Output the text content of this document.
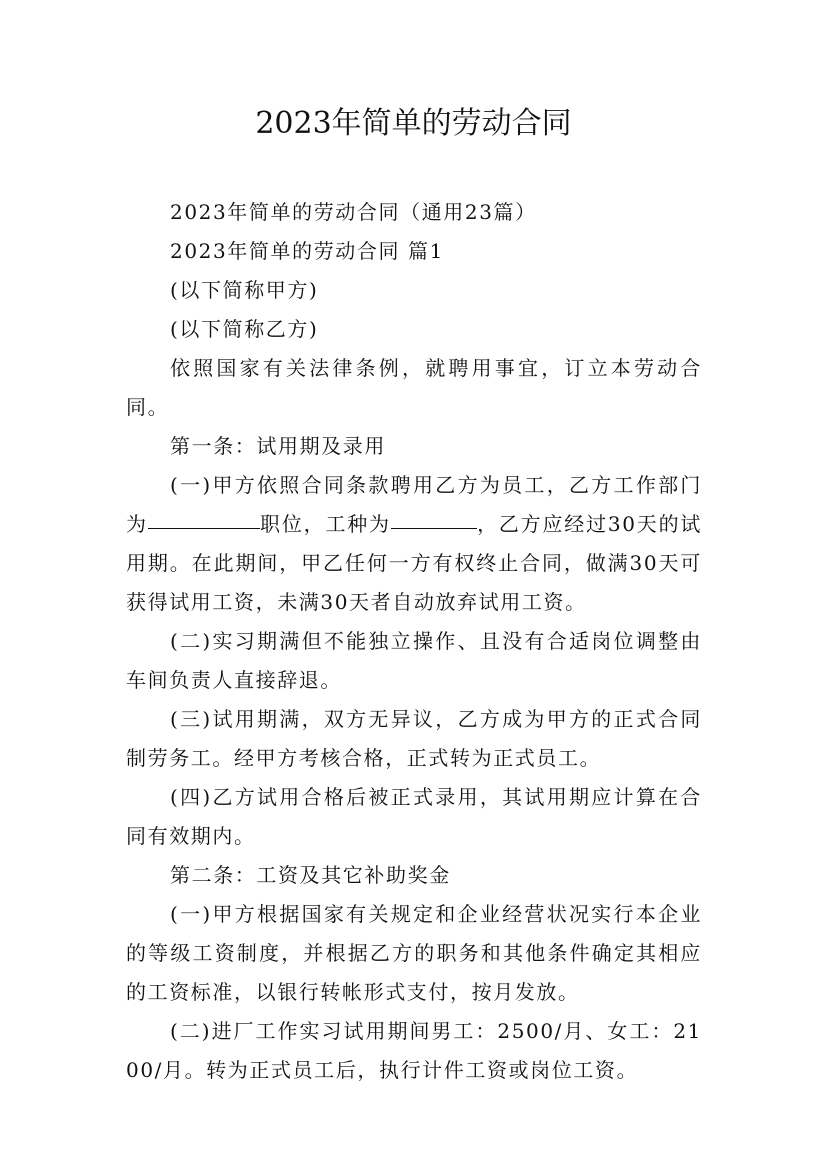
2023年简单的劳动合同

2023年简单的劳动合同（通用23篇）

2023年简单的劳动合同 篇1

(以下简称甲方)

(以下简称乙方)

依照国家有关法律条例，就聘用事宜，订立本劳动合同。

第一条：试用期及录用

(一)甲方依照合同条款聘用乙方为员工，乙方工作部门为	职位，工种为	，乙方应经过30天的试用期。在此期间，甲乙任何一方有权终止合同，做满30天可获得试用工资，未满30天者自动放弃试用工资。

(二)实习期满但不能独立操作、且没有合适岗位调整由车间负责人直接辞退。

(三)试用期满，双方无异议，乙方成为甲方的正式合同制劳务工。经甲方考核合格，正式转为正式员工。

(四)乙方试用合格后被正式录用，其试用期应计算在合同有效期内。

第二条：工资及其它补助奖金

(一)甲方根据国家有关规定和企业经营状况实行本企业的等级工资制度，并根据乙方的职务和其他条件确定其相应的工资标准，以银行转帐形式支付，按月发放。

(二)进厂工作实习试用期间男工：2500/月、女工：2100/月。转为正式员工后，执行计件工资或岗位工资。
